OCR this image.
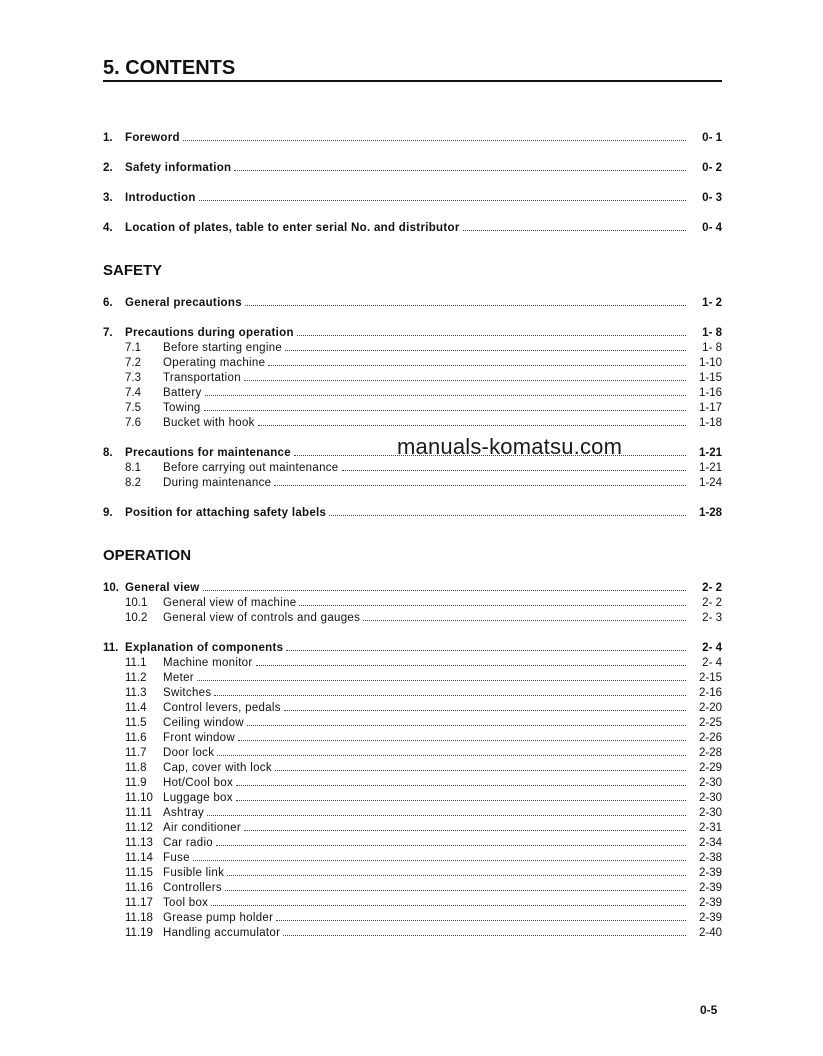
5. CONTENTS
1.	Foreword	0- 1
2.	Safety information	0- 2
3.	Introduction	0- 3
4.	Location of plates, table to enter serial No. and distributor	0- 4
SAFETY
6.	General precautions	1- 2
7.	Precautions during operation	1- 8
7.1	Before starting engine	1- 8
7.2	Operating machine	1-10
7.3	Transportation	1-15
7.4	Battery	1-16
7.5	Towing	1-17
7.6	Bucket with hook	1-18
8.	Precautions for maintenance	1-21
8.1	Before carrying out maintenance	1-21
8.2	During maintenance	1-24
9.	Position for attaching safety labels	1-28
OPERATION
10. General view	2- 2
10.1	General view of machine	2- 2
10.2	General view of controls and gauges	2- 3
11. Explanation of components	2- 4
11.1	Machine monitor	2- 4
11.2	Meter	2-15
11.3	Switches	2-16
11.4	Control levers, pedals	2-20
11.5	Ceiling window	2-25
11.6	Front window	2-26
11.7	Door lock	2-28
11.8	Cap, cover with lock	2-29
11.9	Hot/Cool box	2-30
11.10 Luggage box	2-30
11.11 Ashtray	2-30
11.12 Air conditioner	2-31
11.13 Car radio	2-34
11.14 Fuse	2-38
11.15 Fusible link	2-39
11.16 Controllers	2-39
11.17 Tool box	2-39
11.18 Grease pump holder	2-39
11.19 Handling accumulator	2-40
manuals-komatsu.com
0-5
